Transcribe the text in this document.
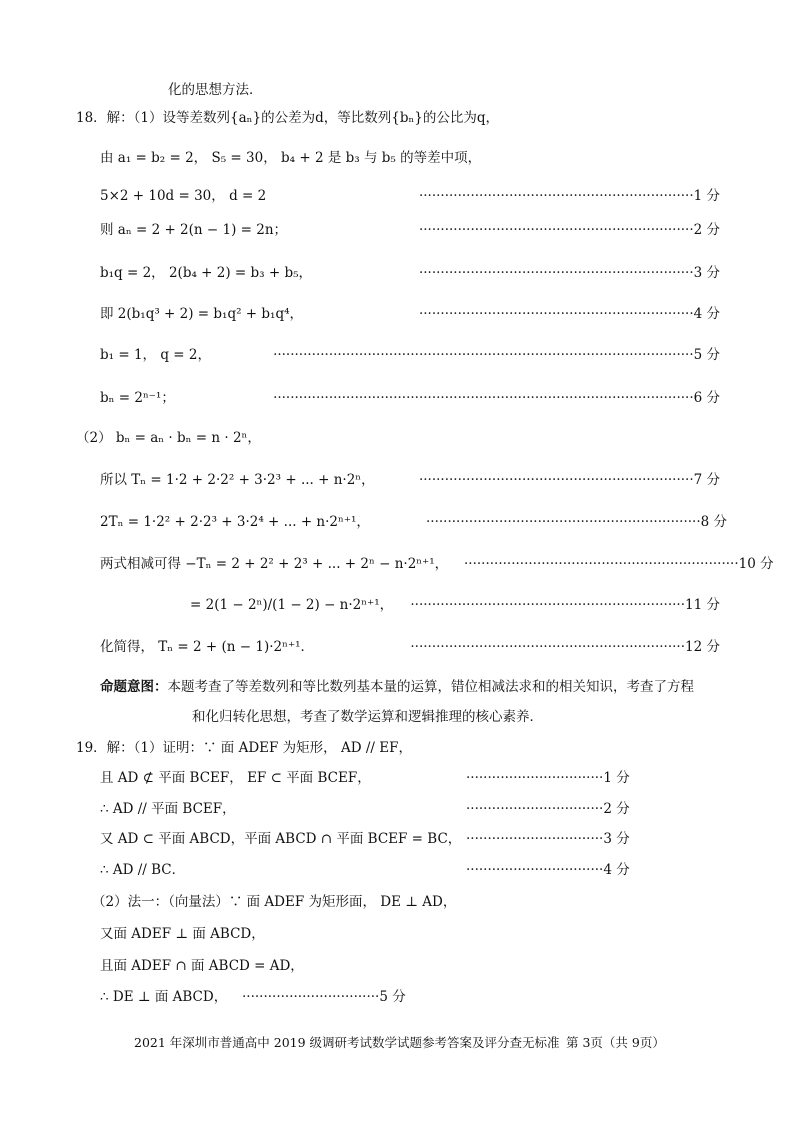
化的思想方法．
18．解：（1）设等差数列{aₙ}的公差为d，等比数列{bₙ}的公比为q，
由 a₁ = b₂ = 2， S₅ = 30， b₄ + 2 是 b₃ 与 b₅ 的等差中项，
5×2 + 10d = 30， d = 2
则 aₙ = 2 + 2(n − 1) = 2n；
b₁q = 2， 2(b₄ + 2) = b₃ + b₅，
即 2(b₁q³ + 2) = b₁q² + b₁q⁴，
b₁ = 1， q = 2，
bₙ = 2ⁿ⁻¹；
（2） bₙ = aₙ · bₙ = n · 2ⁿ，
所以 Tₙ = 1·2 + 2·2² + 3·2³ + ... + n·2ⁿ，
2Tₙ = 1·2² + 2·2³ + 3·2⁴ + ... + n·2ⁿ⁺¹，
两式相减可得 −Tₙ = 2 + 2² + 2³ + ... + 2ⁿ − n·2ⁿ⁺¹，
= 2(1 − 2ⁿ)/(1 − 2) − n·2ⁿ⁺¹，
化简得， Tₙ = 2 + (n − 1)·2ⁿ⁺¹．
命题意图：本题考查了等差数列和等比数列基本量的运算，错位相减法求和的相关知识，考查了方程
和化归转化思想，考查了数学运算和逻辑推理的核心素养．
19．解：（1）证明：∵ 面 ADEF 为矩形， AD // EF，
且 AD ⊄ 平面 BCEF， EF ⊂ 平面 BCEF，
∴ AD // 平面 BCEF，
又 AD ⊂ 平面 ABCD，平面 ABCD ∩ 平面 BCEF = BC，
∴ AD // BC．
（2）法一：（向量法）∵ 面 ADEF 为矩形面， DE ⊥ AD，
又面 ADEF ⊥ 面 ABCD，
且面 ADEF ∩ 面 ABCD = AD，
∴ DE ⊥ 面 ABCD，
································································1 分
································································2 分
································································3 分
································································4 分
··································································································5 分
··································································································6 分
································································7 分
································································8 分
································································10 分
································································11 分
································································12 分
································1 分
································2 分
································3 分
································4 分
································5 分
2021 年深圳市普通高中 2019 级调研考试数学试题参考答案及评分查无标准 第 3页（共 9页）
